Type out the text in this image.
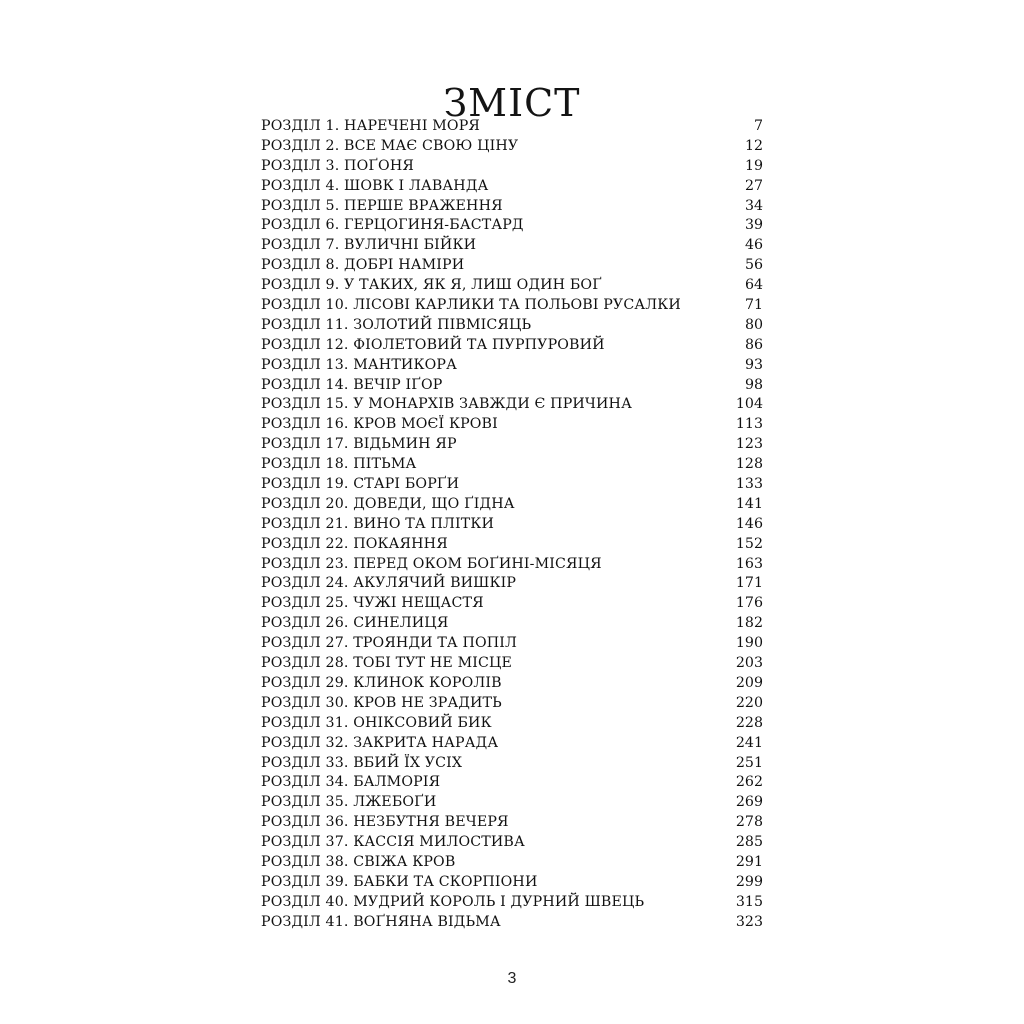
ЗМІСТ
РОЗДІЛ 1. НАРЕЧЕНІ МОРЯ	7
РОЗДІЛ 2. ВСЕ МАЄ СВОЮ ЦІНУ	12
РОЗДІЛ 3. ПОҐОНЯ	19
РОЗДІЛ 4. ШОВК І ЛАВАНДА	27
РОЗДІЛ 5. ПЕРШЕ ВРАЖЕННЯ	34
РОЗДІЛ 6. ГЕРЦОГИНЯ-БАСТАРД	39
РОЗДІЛ 7. ВУЛИЧНІ БІЙКИ	46
РОЗДІЛ 8. ДОБРІ НАМІРИ	56
РОЗДІЛ 9. У ТАКИХ, ЯК Я, ЛИШ ОДИН БОҐ	64
РОЗДІЛ 10. ЛІСОВІ КАРЛИКИ ТА ПОЛЬОВІ РУСАЛКИ	71
РОЗДІЛ 11. ЗОЛОТИЙ ПІВМІСЯЦЬ	80
РОЗДІЛ 12. ФІОЛЕТОВИЙ ТА ПУРПУРОВИЙ	86
РОЗДІЛ 13. МАНТИКОРА	93
РОЗДІЛ 14. ВЕЧІР ІҐОР	98
РОЗДІЛ 15. У МОНАРХІВ ЗАВЖДИ Є ПРИЧИНА	104
РОЗДІЛ 16. КРОВ МОЄЇ КРОВІ	113
РОЗДІЛ 17. ВІДЬМИН ЯР	123
РОЗДІЛ 18. ПІТЬМА	128
РОЗДІЛ 19. СТАРІ БОРҐИ	133
РОЗДІЛ 20. ДОВЕДИ, ЩО ҐІДНА	141
РОЗДІЛ 21. ВИНО ТА ПЛІТКИ	146
РОЗДІЛ 22. ПОКАЯННЯ	152
РОЗДІЛ 23. ПЕРЕД ОКОМ БОҐИНІ-МІСЯЦЯ	163
РОЗДІЛ 24. АКУЛЯЧИЙ ВИШКІР	171
РОЗДІЛ 25. ЧУЖІ НЕЩАСТЯ	176
РОЗДІЛ 26. СИНЕЛИЦЯ	182
РОЗДІЛ 27. ТРОЯНДИ ТА ПОПІЛ	190
РОЗДІЛ 28. ТОБІ ТУТ НЕ МІСЦЕ	203
РОЗДІЛ 29. КЛИНОК КОРОЛІВ	209
РОЗДІЛ 30. КРОВ НЕ ЗРАДИТЬ	220
РОЗДІЛ 31. ОНІКСОВИЙ БИК	228
РОЗДІЛ 32. ЗАКРИТА НАРАДА	241
РОЗДІЛ 33. ВБИЙ ЇХ УСІХ	251
РОЗДІЛ 34. БАЛМОРІЯ	262
РОЗДІЛ 35. ЛЖЕБОҐИ	269
РОЗДІЛ 36. НЕЗБУТНЯ ВЕЧЕРЯ	278
РОЗДІЛ 37. КАССІЯ МИЛОСТИВА	285
РОЗДІЛ 38. СВІЖА КРОВ	291
РОЗДІЛ 39. БАБКИ ТА СКОРПІОНИ	299
РОЗДІЛ 40. МУДРИЙ КОРОЛЬ І ДУРНИЙ ШВЕЦЬ	315
РОЗДІЛ 41. ВОҐНЯНА ВІДЬМА	323
3
